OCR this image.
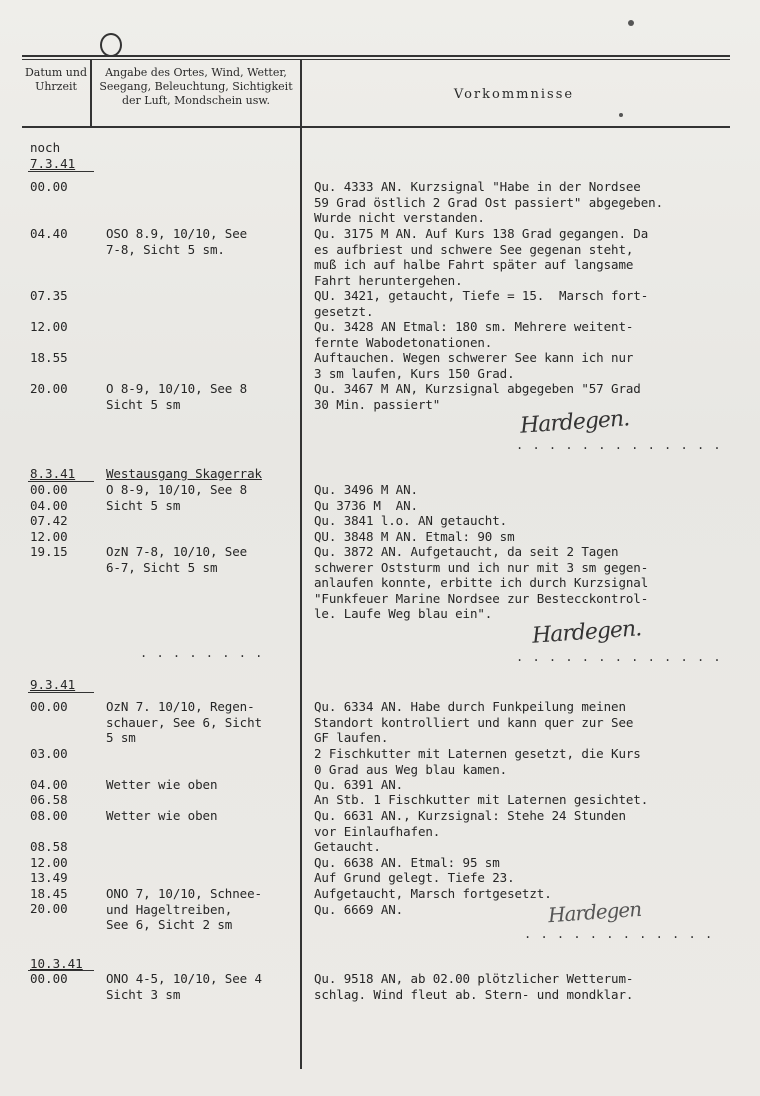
Datum und Uhrzeit
Angabe des Ortes, Wind, Wetter, Seegang, Beleuchtung, Sichtigkeit der Luft, Mondschein usw.	Vorkommnisse
noch
7.3.41
00.00
04.40
07.35
12.00
18.55
20.00
8.3.41
00.00
04.00
07.42
12.00
19.15
9.3.41
00.00
03.00
04.00
06.58
08.00
08.58
12.00
13.49
18.45
20.00
10.3.41
00.00
OSO 8.9, 10/10, See
7-8, Sicht 5 sm.
O 8-9, 10/10, See 8
Sicht 5 sm
Westausgang Skagerrak
O 8-9, 10/10, See 8
Sicht 5 sm
OzN 7-8, 10/10, See
6-7, Sicht 5 sm
. . . . . . . .
OzN 7. 10/10, Regen-
schauer, See 6, Sicht
5 sm
Wetter wie oben
Wetter wie oben
ONO 7, 10/10, Schnee-
und Hageltreiben,
See 6, Sicht 2 sm
ONO 4-5, 10/10, See 4
Sicht 3 sm
Qu. 4333 AN. Kurzsignal "Habe in der Nordsee
59 Grad östlich 2 Grad Ost passiert" abgegeben.
Wurde nicht verstanden.
Qu. 3175 M AN. Auf Kurs 138 Grad gegangen. Da
es aufbriest und schwere See gegenan steht,
muß ich auf halbe Fahrt später auf langsame
Fahrt heruntergehen.
QU. 3421, getaucht, Tiefe = 15.  Marsch fort-
gesetzt.
Qu. 3428 AN Etmal: 180 sm. Mehrere weitent-
fernte Wabodetonationen.
Auftauchen. Wegen schwerer See kann ich nur
3 sm laufen, Kurs 150 Grad.
Qu. 3467 M AN, Kurzsignal abgegeben "57 Grad
30 Min. passiert"
Hardegen.
. . . . . . . . . . . . .
Qu. 3496 M AN.
Qu 3736 M  AN.
Qu. 3841 l.o. AN getaucht.
QU. 3848 M AN. Etmal: 90 sm
Qu. 3872 AN. Aufgetaucht, da seit 2 Tagen
schwerer Oststurm und ich nur mit 3 sm gegen-
anlaufen konnte, erbitte ich durch Kurzsignal
"Funkfeuer Marine Nordsee zur Bestecckontrol-
le. Laufe Weg blau ein".
Hardegen.
. . . . . . . . . . . . .
Qu. 6334 AN. Habe durch Funkpeilung meinen
Standort kontrolliert und kann quer zur See
GF laufen.
2 Fischkutter mit Laternen gesetzt, die Kurs
0 Grad aus Weg blau kamen.
Qu. 6391 AN.
An Stb. 1 Fischkutter mit Laternen gesichtet.
Qu. 6631 AN., Kurzsignal: Stehe 24 Stunden
vor Einlaufhafen.
Getaucht.
Qu. 6638 AN. Etmal: 95 sm
Auf Grund gelegt. Tiefe 23.
Aufgetaucht, Marsch fortgesetzt.
Qu. 6669 AN.	Hardegen
. . . . . . . . . . . .
Qu. 9518 AN, ab 02.00 plötzlicher Wetterum-
schlag. Wind fleut ab. Stern- und mondklar.
